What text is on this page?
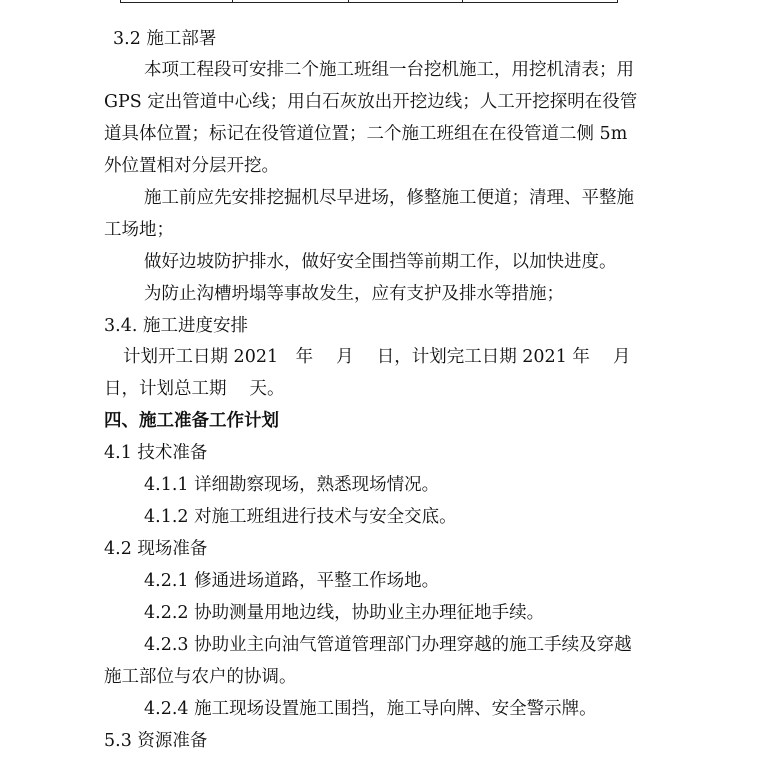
3.2 施工部署
本项工程段可安排二个施工班组一台挖机施工，用挖机清表；用
GPS 定出管道中心线；用白石灰放出开挖边线；人工开挖探明在役管
道具体位置；标记在役管道位置；二个施工班组在在役管道二侧 5m
外位置相对分层开挖。
施工前应先安排挖掘机尽早进场，修整施工便道；清理、平整施
工场地；
做好边坡防护排水，做好安全围挡等前期工作，以加快进度。
为防止沟槽坍塌等事故发生，应有支护及排水等措施；
3.4. 施工进度安排
计划开工日期 2021　年　 月　 日，计划完工日期 2021 年　 月
日，计划总工期　 天。
四、施工准备工作计划
4.1 技术准备
4.1.1 详细勘察现场，熟悉现场情况。
4.1.2 对施工班组进行技术与安全交底。
4.2 现场准备
4.2.1 修通进场道路，平整工作场地。
4.2.2 协助测量用地边线，协助业主办理征地手续。
4.2.3 协助业主向油气管道管理部门办理穿越的施工手续及穿越
施工部位与农户的协调。
4.2.4 施工现场设置施工围挡，施工导向牌、安全警示牌。
5.3 资源准备
